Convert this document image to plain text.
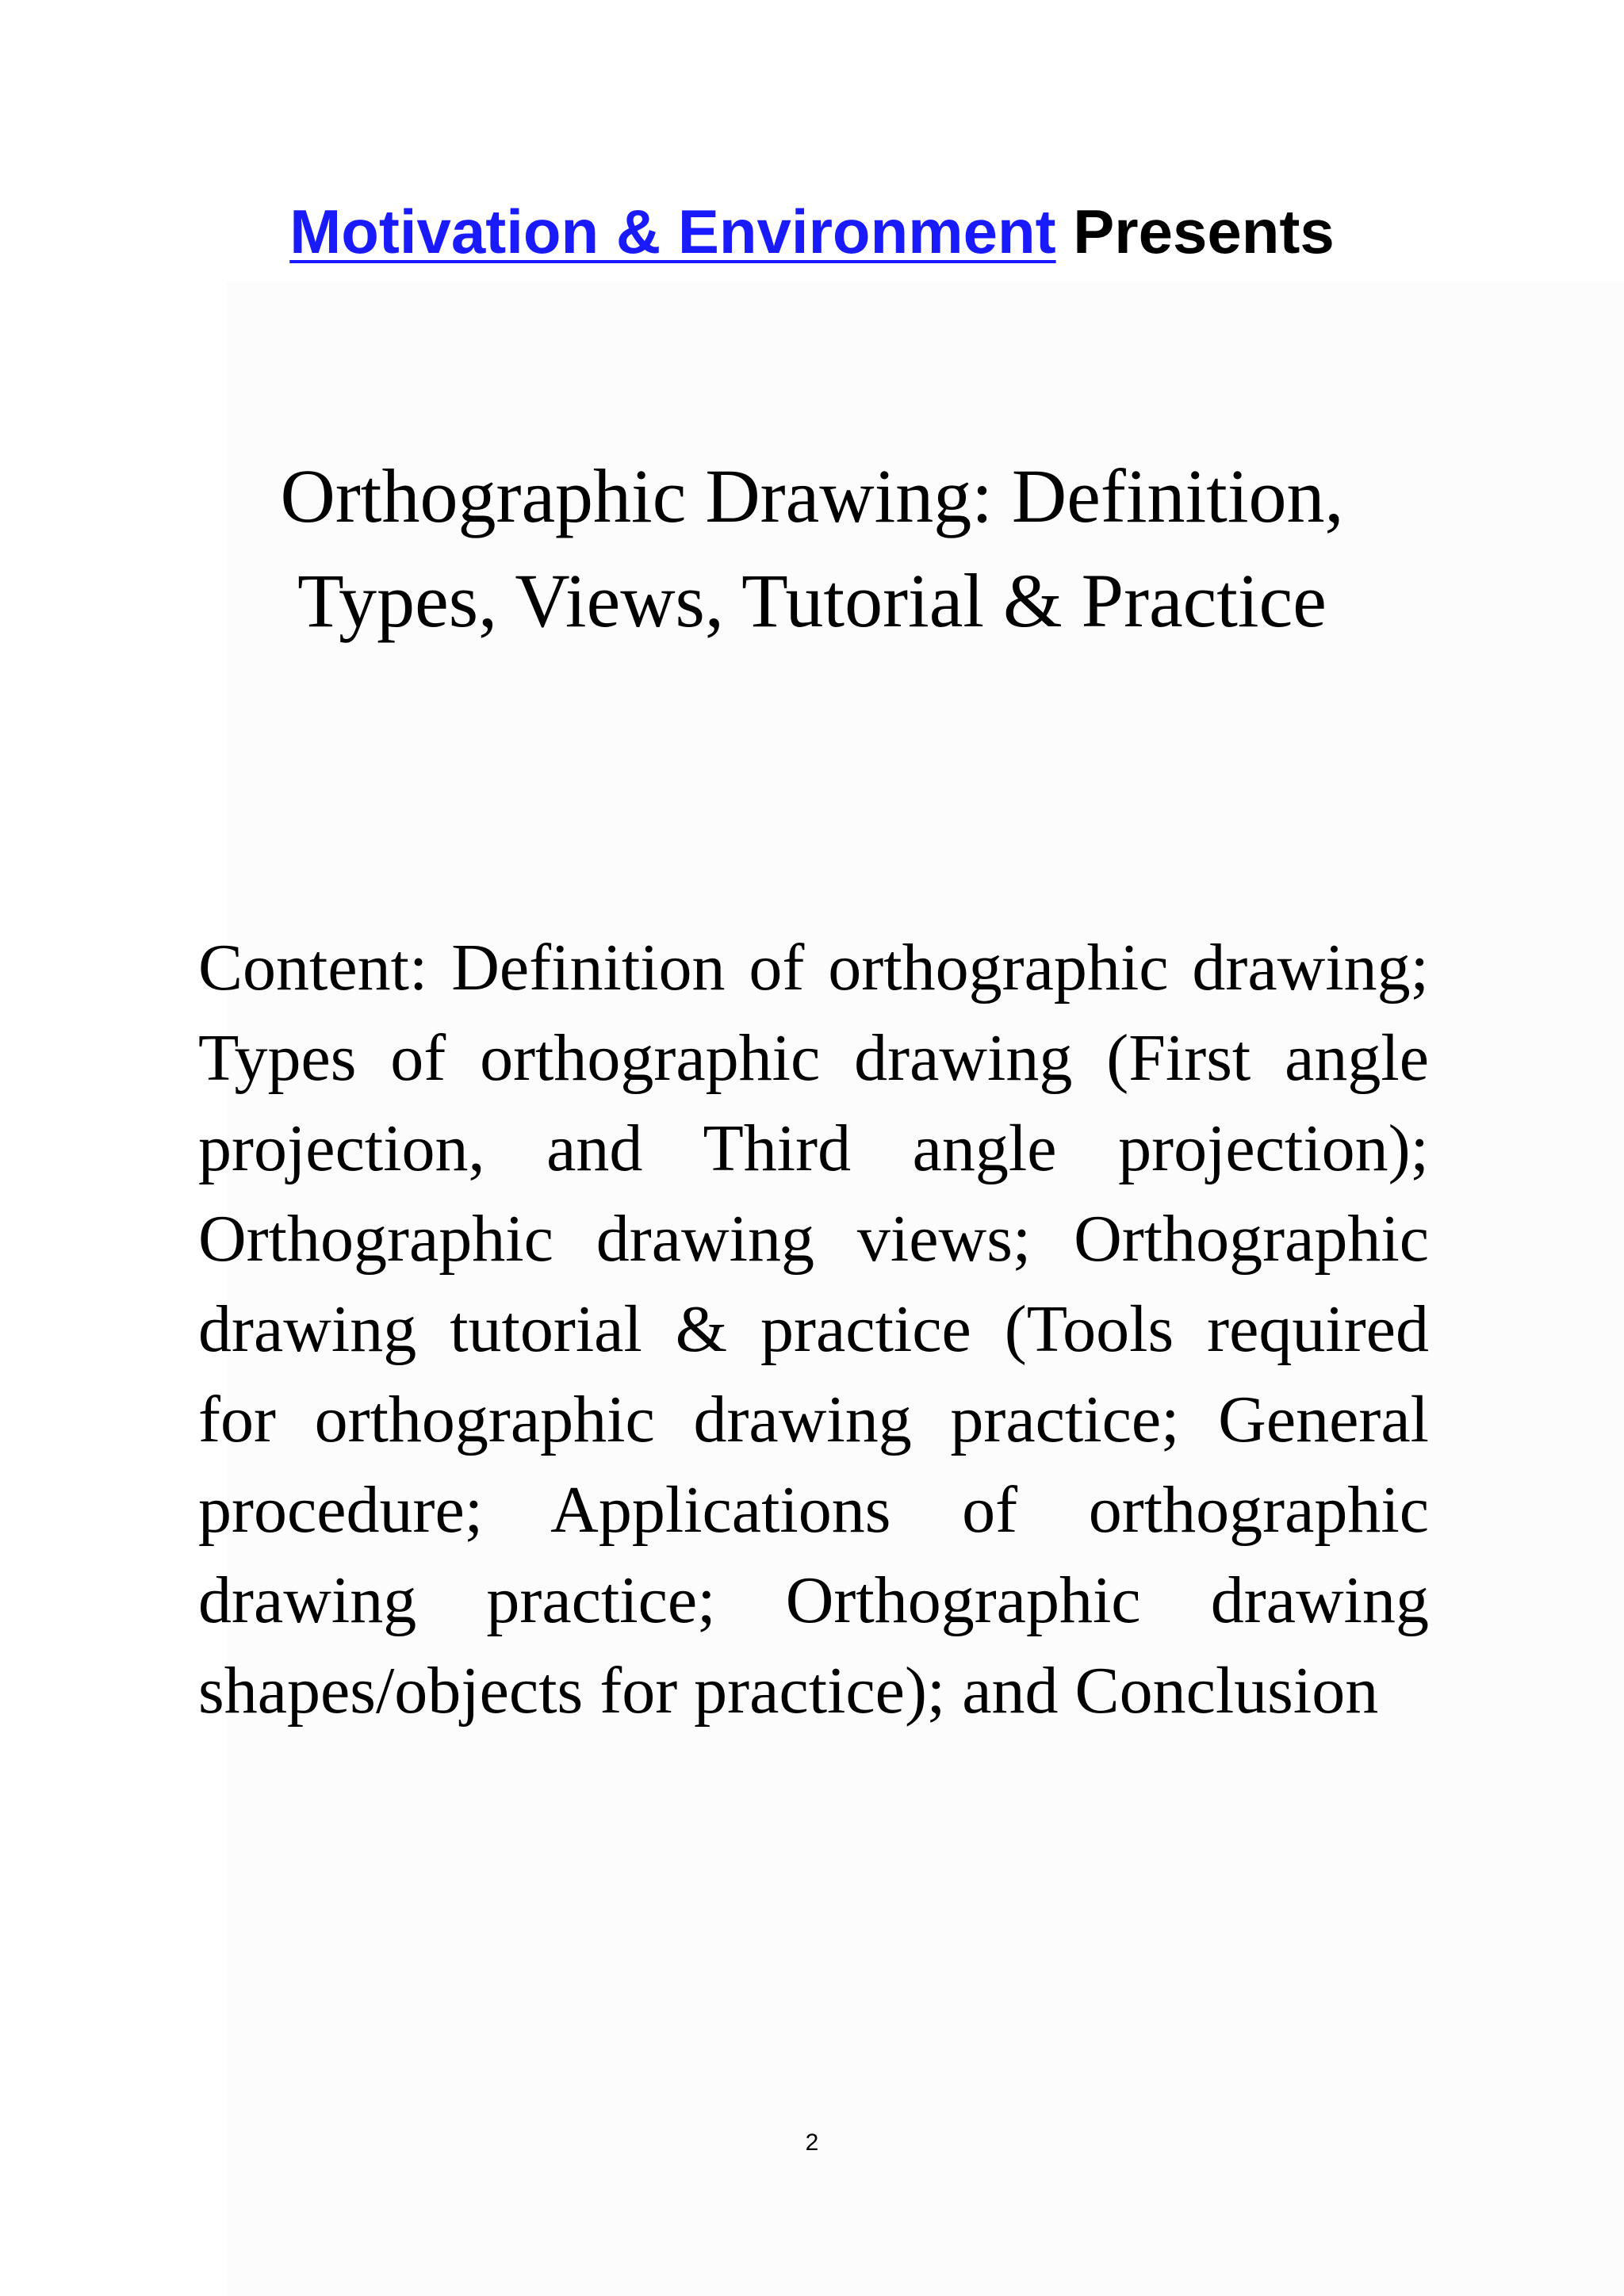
Motivation & Environment Presents
Orthographic Drawing: Definition,
Types, Views, Tutorial & Practice
Content: Definition of orthographic drawing; Types of orthographic drawing (First angle projection, and Third angle projection); Orthographic drawing views; Orthographic drawing tutorial & practice (Tools required for orthographic drawing practice; General procedure; Applications of orthographic drawing practice; Orthographic drawing shapes/objects for practice); and Conclusion
2
